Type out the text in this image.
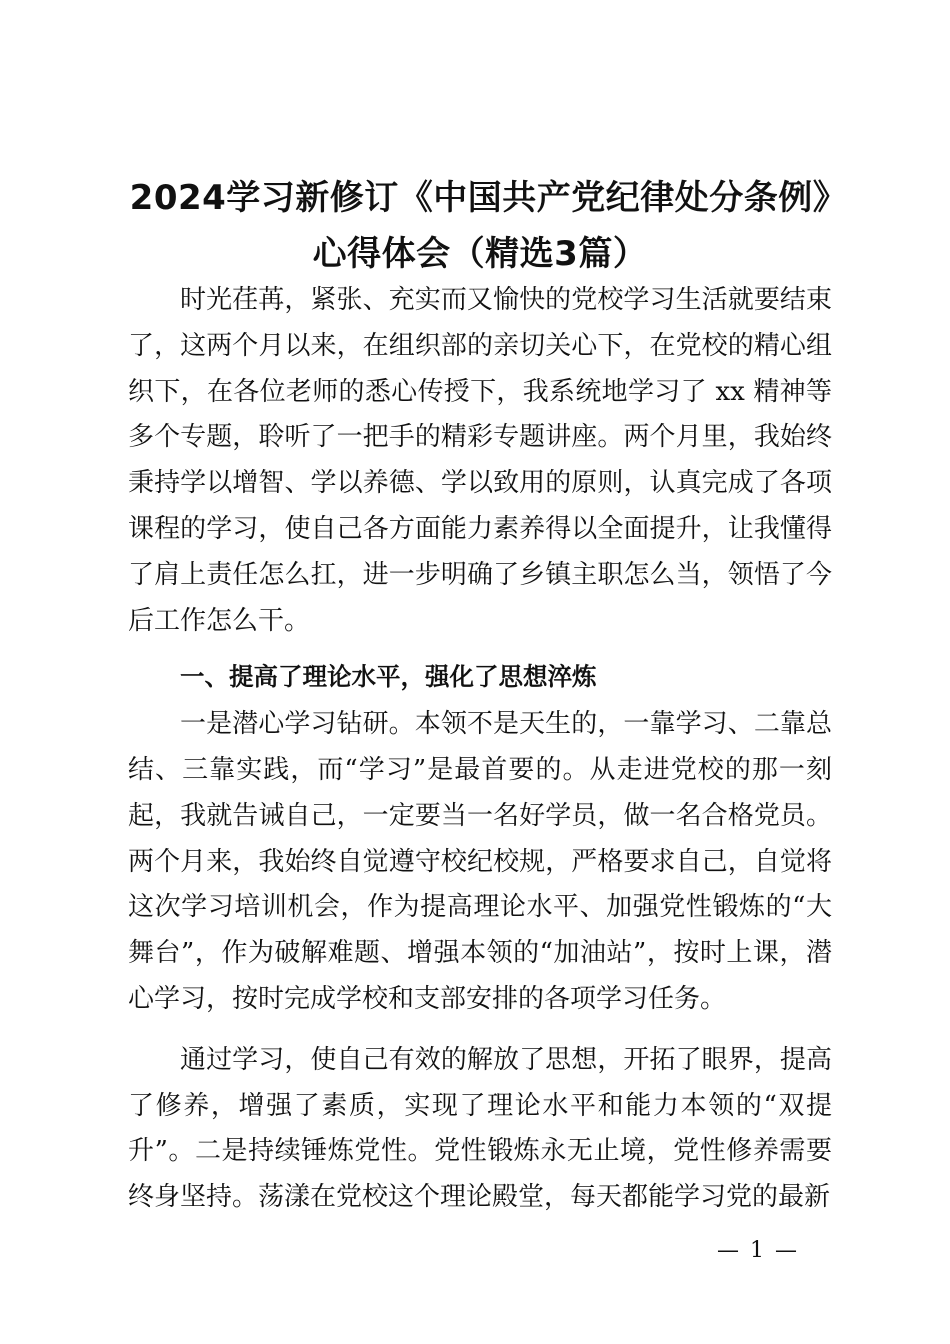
2024学习新修订《中国共产党纪律处分条例》心得体会（精选3篇）

时光荏苒，紧张、充实而又愉快的党校学习生活就要结束了，这两个月以来，在组织部的亲切关心下，在党校的精心组织下，在各位老师的悉心传授下，我系统地学习了 xx 精神等多个专题，聆听了一把手的精彩专题讲座。两个月里，我始终秉持学以增智、学以养德、学以致用的原则，认真完成了各项课程的学习，使自己各方面能力素养得以全面提升，让我懂得了肩上责任怎么扛，进一步明确了乡镇主职怎么当，领悟了今后工作怎么干。

一、提高了理论水平，强化了思想淬炼

一是潜心学习钻研。本领不是天生的，一靠学习、二靠总结、三靠实践，而“学习”是最首要的。从走进党校的那一刻起，我就告诫自己，一定要当一名好学员，做一名合格党员。两个月来，我始终自觉遵守校纪校规，严格要求自己，自觉将这次学习培训机会，作为提高理论水平、加强党性锻炼的“大舞台”，作为破解难题、增强本领的“加油站”，按时上课，潜心学习，按时完成学校和支部安排的各项学习任务。

通过学习，使自己有效的解放了思想，开拓了眼界，提高了修养，增强了素质，实现了理论水平和能力本领的“双提升”。二是持续锤炼党性。党性锻炼永无止境，党性修养需要终身坚持。荡漾在党校这个理论殿堂，每天都能学习党的最新

— 1 —
